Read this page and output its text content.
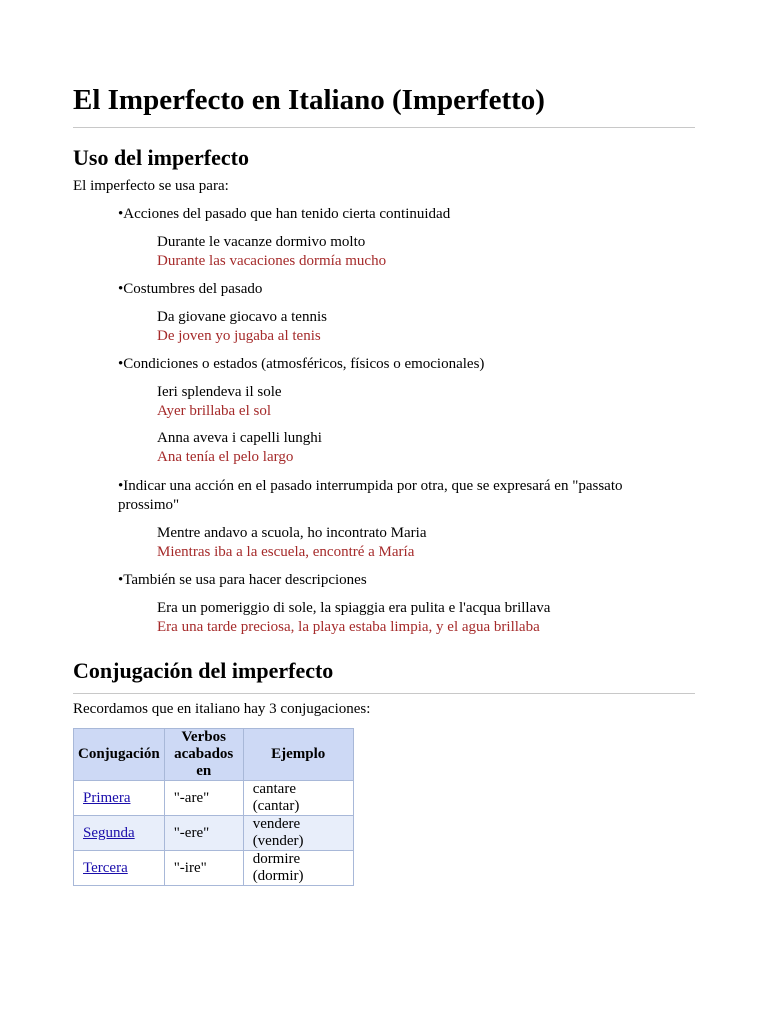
El Imperfecto en Italiano (Imperfetto)
Uso del imperfecto
El imperfecto se usa para:
•Acciones del pasado que han tenido cierta continuidad
Durante le vacanze dormivo molto
Durante las vacaciones dormía mucho
•Costumbres del pasado
Da giovane giocavo a tennis
De joven yo jugaba al tenis
•Condiciones o estados (atmosféricos, físicos o emocionales)
Ieri splendeva il sole
Ayer brillaba el sol
Anna aveva i capelli lunghi
Ana tenía el pelo largo
•Indicar una acción en el pasado interrumpida por otra, que se expresará en "passato prossimo"
Mentre andavo a scuola, ho incontrato Maria
Mientras iba a la escuela, encontré a María
•También se usa para hacer descripciones
Era un pomeriggio di sole, la spiaggia era pulita e l'acqua brillava
Era una tarde preciosa, la playa estaba limpia, y el agua brillaba
Conjugación del imperfecto
Recordamos que en italiano hay 3 conjugaciones:
Conjugación	Verbos acabados en	Ejemplo
Primera	"-are"	cantare (cantar)
Segunda	"-ere"	vendere (vender)
Tercera	"-ire"	dormire (dormir)
